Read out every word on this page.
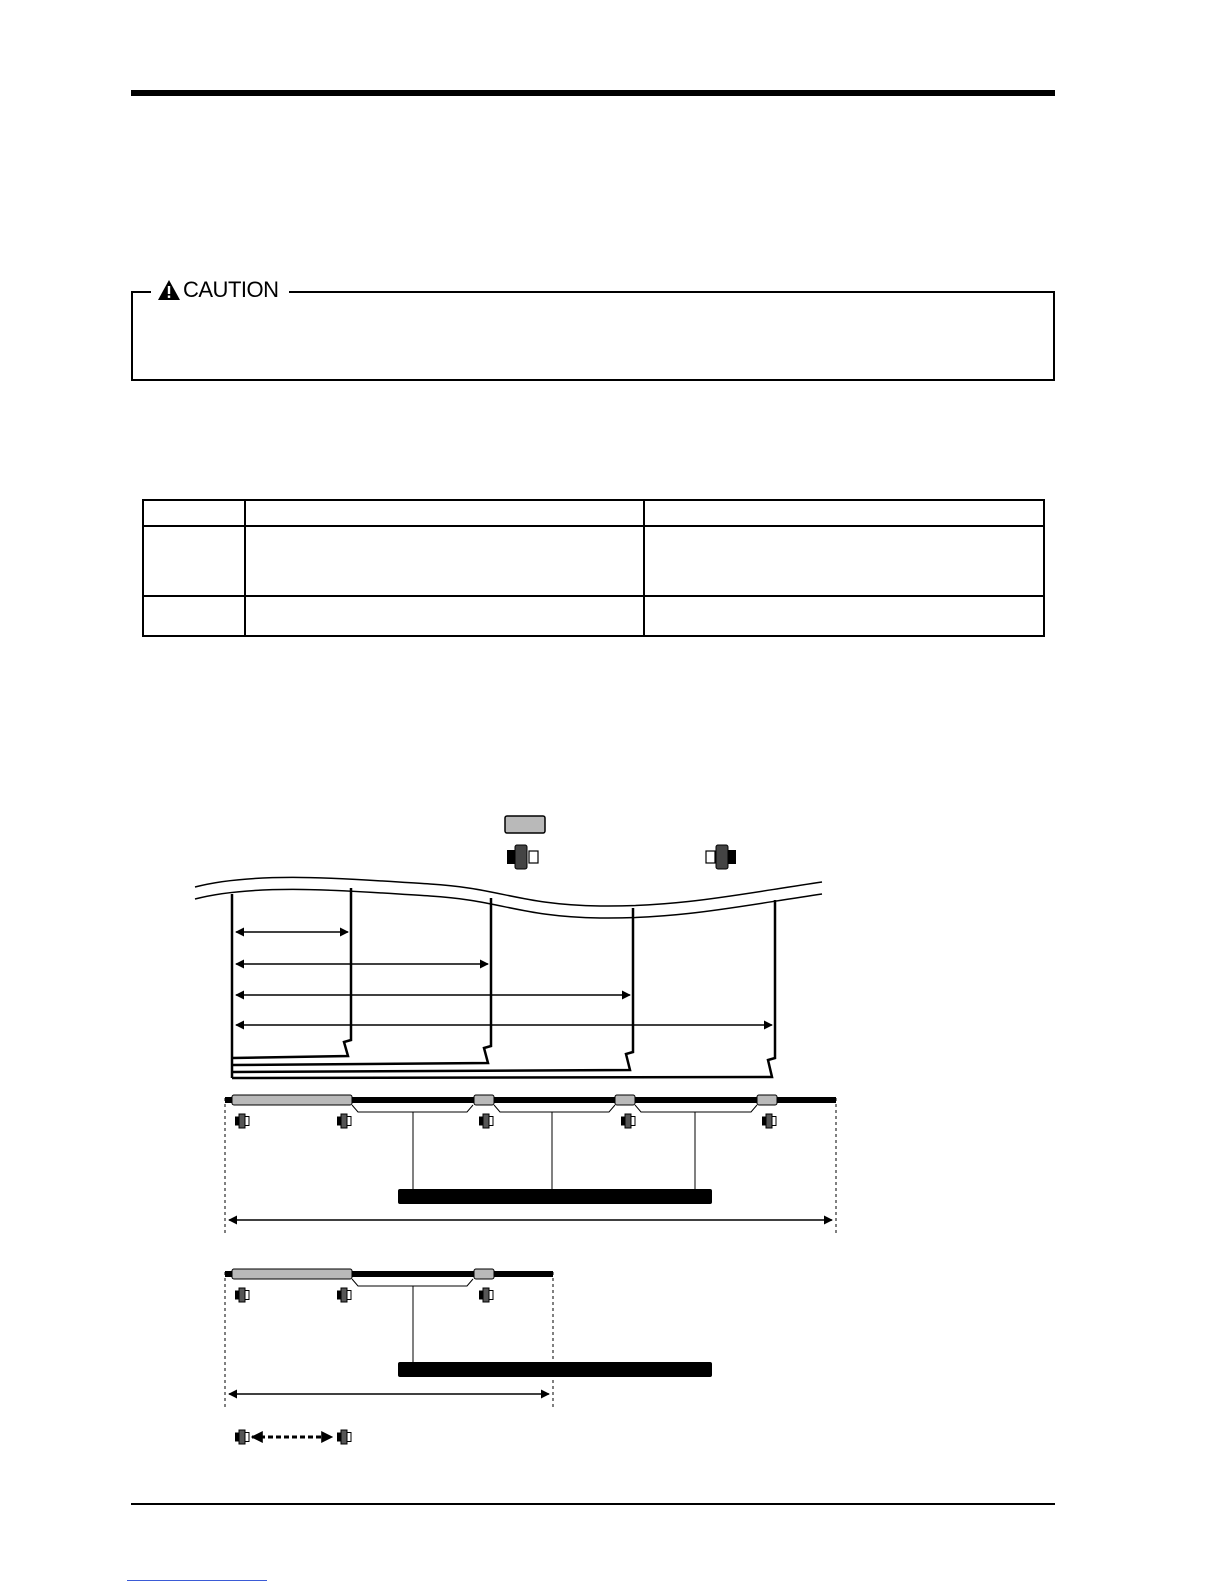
CAUTION
